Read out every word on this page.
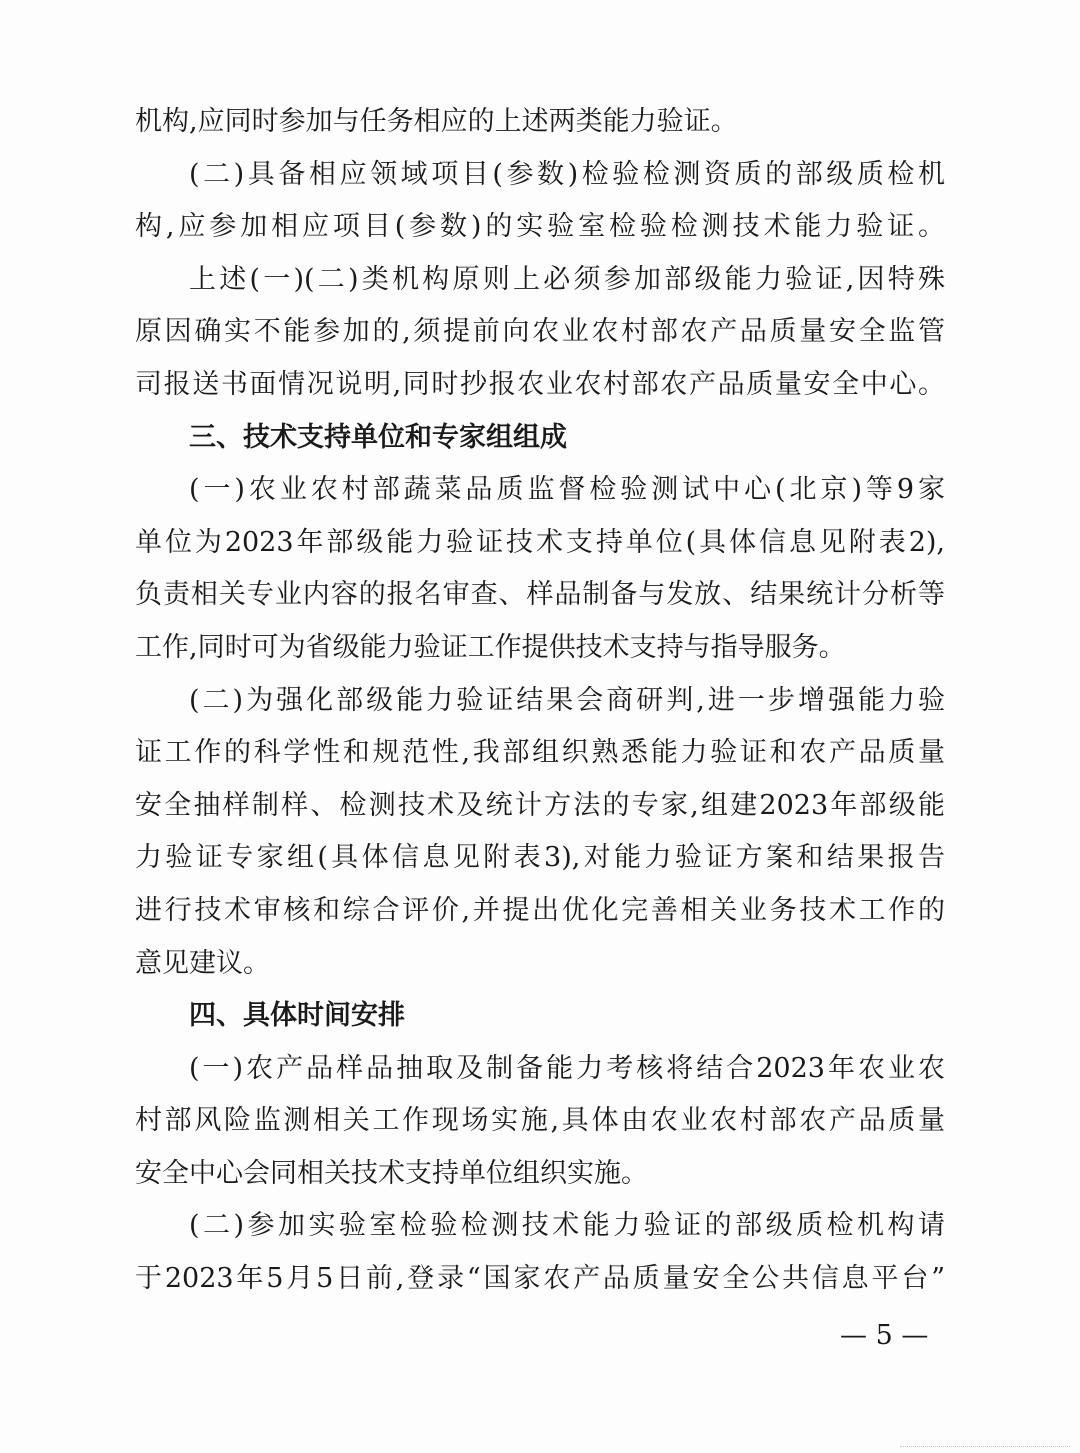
机构,应同时参加与任务相应的上述两类能力验证。
(二)具备相应领域项目(参数)检验检测资质的部级质检机
构,应参加相应项目(参数)的实验室检验检测技术能力验证。
上述(一)(二)类机构原则上必须参加部级能力验证,因特殊
原因确实不能参加的,须提前向农业农村部农产品质量安全监管
司报送书面情况说明,同时抄报农业农村部农产品质量安全中心。
三、技术支持单位和专家组组成
(一)农业农村部蔬菜品质监督检验测试中心(北京)等9家
单位为2023年部级能力验证技术支持单位(具体信息见附表2),
负责相关专业内容的报名审查、样品制备与发放、结果统计分析等
工作,同时可为省级能力验证工作提供技术支持与指导服务。
(二)为强化部级能力验证结果会商研判,进一步增强能力验
证工作的科学性和规范性,我部组织熟悉能力验证和农产品质量
安全抽样制样、检测技术及统计方法的专家,组建2023年部级能
力验证专家组(具体信息见附表3),对能力验证方案和结果报告
进行技术审核和综合评价,并提出优化完善相关业务技术工作的
意见建议。
四、具体时间安排
(一)农产品样品抽取及制备能力考核将结合2023年农业农
村部风险监测相关工作现场实施,具体由农业农村部农产品质量
安全中心会同相关技术支持单位组织实施。
(二)参加实验室检验检测技术能力验证的部级质检机构请
于2023年5月5日前,登录“国家农产品质量安全公共信息平台”
— 5 —
